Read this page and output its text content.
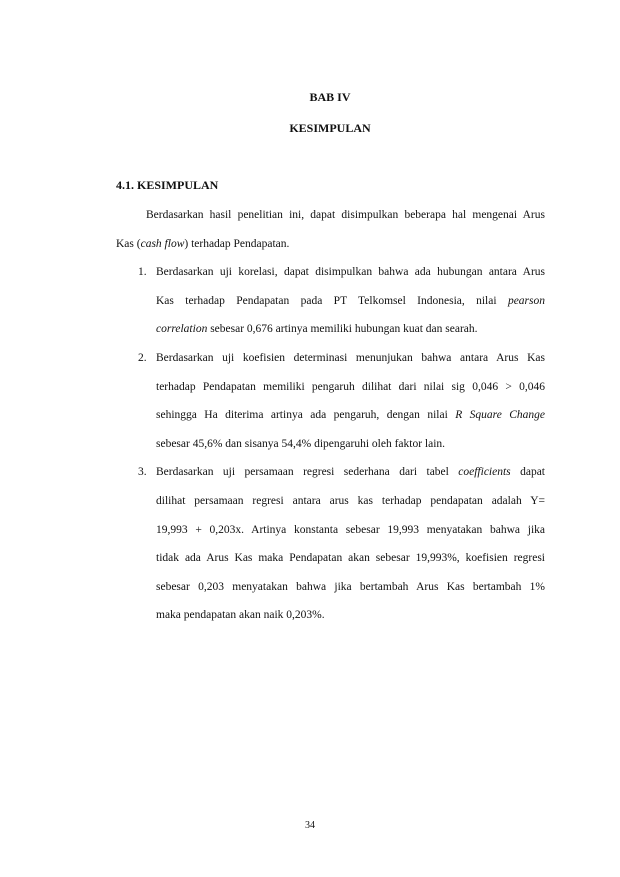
BAB IV
KESIMPULAN
4.1. KESIMPULAN

Berdasarkan hasil penelitian ini, dapat disimpulkan beberapa hal mengenai Arus
Kas (cash flow) terhadap Pendapatan.

1. Berdasarkan uji korelasi, dapat disimpulkan bahwa ada hubungan antara Arus
Kas terhadap Pendapatan pada PT Telkomsel Indonesia, nilai pearson
correlation sebesar 0,676 artinya memiliki hubungan kuat dan searah.

2. Berdasarkan uji koefisien determinasi menunjukan bahwa antara Arus Kas
terhadap Pendapatan memiliki pengaruh dilihat dari nilai sig 0,046 > 0,046
sehingga Ha diterima artinya ada pengaruh, dengan nilai R Square Change
sebesar 45,6% dan sisanya 54,4% dipengaruhi oleh faktor lain.

3. Berdasarkan uji persamaan regresi sederhana dari tabel coefficients dapat
dilihat persamaan regresi antara arus kas terhadap pendapatan adalah Y=
19,993 + 0,203x. Artinya konstanta sebesar 19,993 menyatakan bahwa jika
tidak ada Arus Kas maka Pendapatan akan sebesar 19,993%, koefisien regresi
sebesar 0,203 menyatakan bahwa jika bertambah Arus Kas bertambah 1%
maka pendapatan akan naik 0,203%.

34
